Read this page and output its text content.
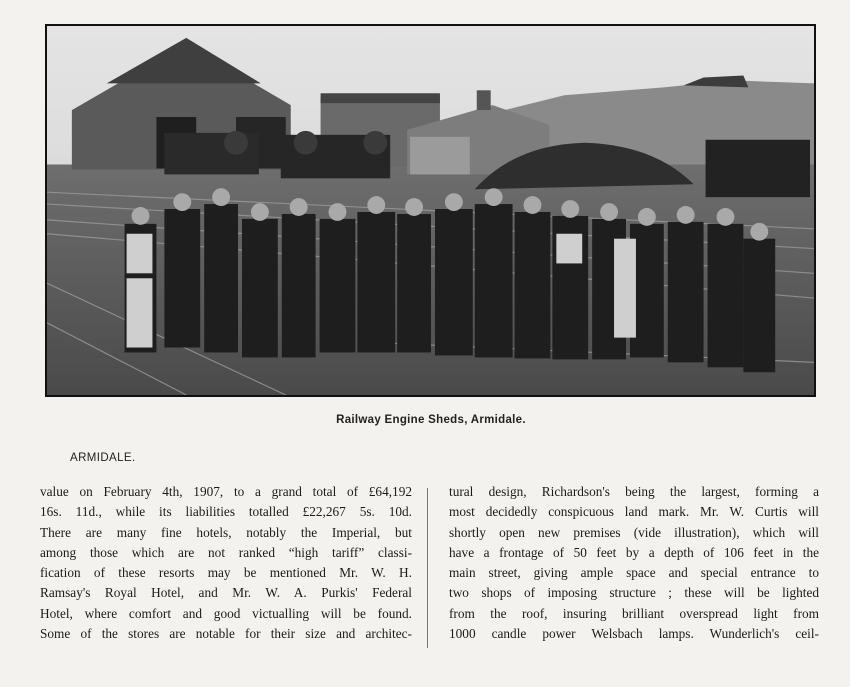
Railway Engine Sheds, Armidale.
ARMIDALE.
value on February 4th, 1907, to a grand total of £64,192
16s. 11d., while its liabilities totalled £22,267 5s. 10d.
There are many fine hotels, notably the Imperial, but
among those which are not ranked “high tariff” classi-
fication of these resorts may be mentioned Mr. W. H.
Ramsay's Royal Hotel, and Mr. W. A. Purkis' Federal
Hotel, where comfort and good victualling will be found.
Some of the stores are notable for their size and architec-
tural design, Richardson's being the largest, forming a
most decidedly conspicuous land mark. Mr. W. Curtis will
shortly open new premises (vide illustration), which will
have a frontage of 50 feet by a depth of 106 feet in the
main street, giving ample space and special entrance to
two shops of imposing structure ; these will be lighted
from the roof, insuring brilliant overspread light from
1000 candle power Welsbach lamps. Wunderlich's ceil-
